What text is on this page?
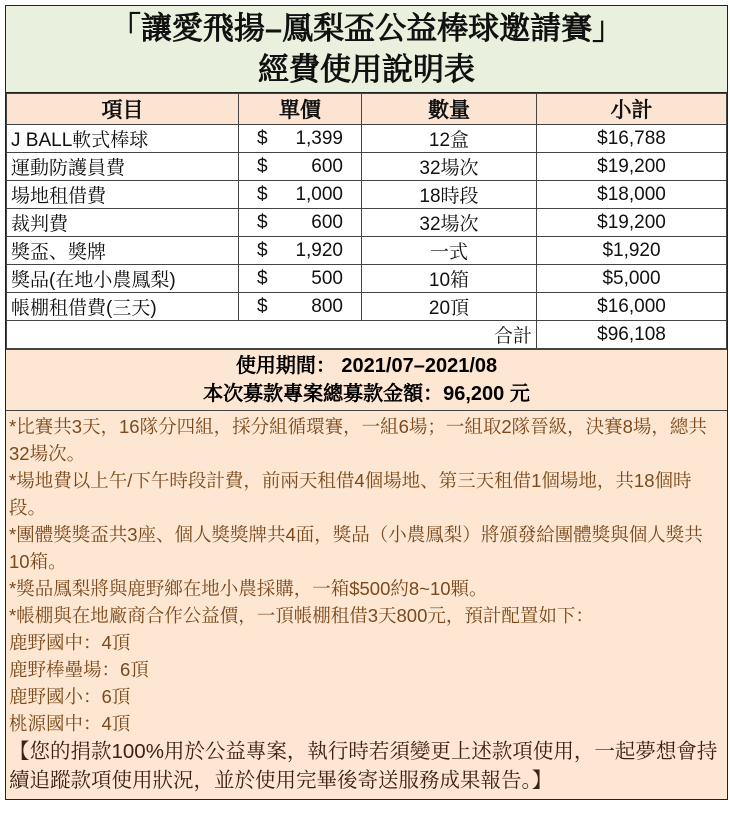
「讓愛飛揚–鳳梨盃公益棒球邀請賽」
經費使用說明表
項目	單價	數量	小計
J BALL軟式棒球	$ 1,399	12盒	$16,788
運動防護員費	$ 600	32場次	$19,200
場地租借費	$ 1,000	18時段	$18,000
裁判費	$ 600	32場次	$19,200
獎盃、獎牌	$ 1,920	一式	$1,920
獎品(在地小農鳳梨)	$ 500	10箱	$5,000
帳棚租借費(三天)	$ 800	20頂	$16,000
合計			$96,108
使用期間： 2021/07–2021/08
本次募款專案總募款金額：96,200 元
*比賽共3天，16隊分四組，採分組循環賽，一組6場；一組取2隊晉級，決賽8場，總共32場次。
*場地費以上午/下午時段計費，前兩天租借4個場地、第三天租借1個場地，共18個時段。
*團體獎獎盃共3座、個人獎獎牌共4面，獎品（小農鳳梨）將頒發給團體獎與個人獎共10箱。
*獎品鳳梨將與鹿野鄉在地小農採購，一箱$500約8~10顆。
*帳棚與在地廠商合作公益價，一頂帳棚租借3天800元，預計配置如下：
鹿野國中：4頂
鹿野棒壘場：6頂
鹿野國小：6頂
桃源國中：4頂
【您的捐款100%用於公益專案，執行時若須變更上述款項使用，一起夢想會持續追蹤款項使用狀況，並於使用完畢後寄送服務成果報告。】
